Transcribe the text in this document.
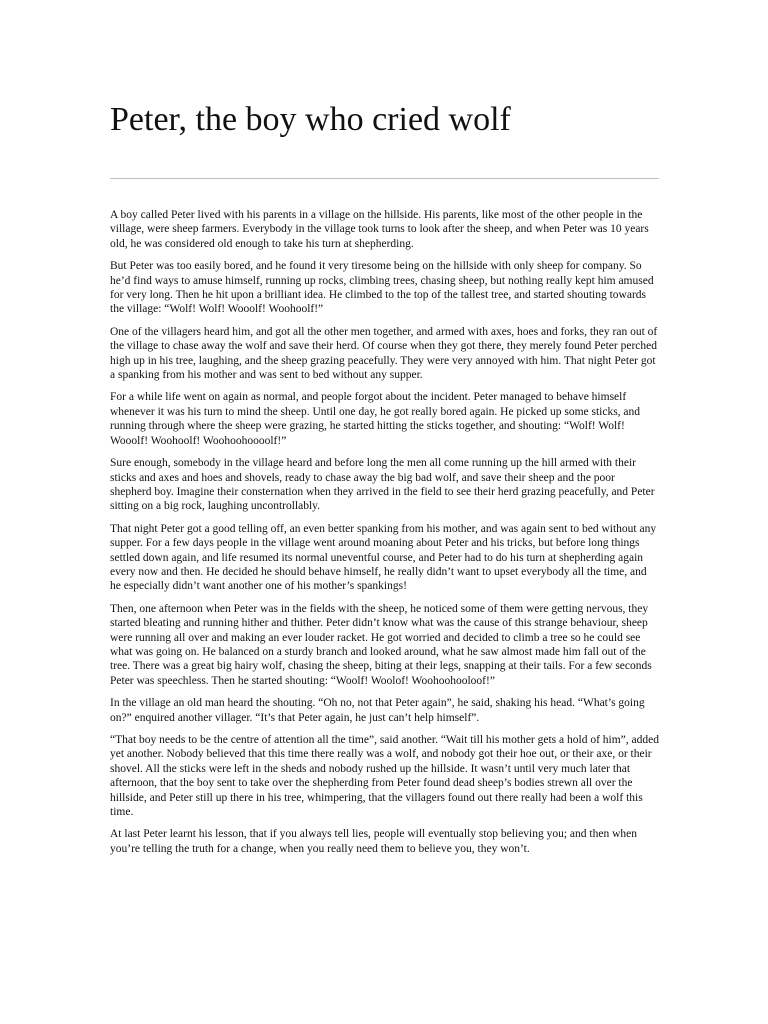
Peter, the boy who cried wolf

A boy called Peter lived with his parents in a village on the hillside. His parents, like most of the other people in the village, were sheep farmers. Everybody in the village took turns to look after the sheep, and when Peter was 10 years old, he was considered old enough to take his turn at shepherding.

But Peter was too easily bored, and he found it very tiresome being on the hillside with only sheep for company. So he’d find ways to amuse himself, running up rocks, climbing trees, chasing sheep, but nothing really kept him amused for very long. Then he hit upon a brilliant idea. He climbed to the top of the tallest tree, and started shouting towards the village: “Wolf! Wolf! Wooolf! Woohoolf!”

One of the villagers heard him, and got all the other men together, and armed with axes, hoes and forks, they ran out of the village to chase away the wolf and save their herd. Of course when they got there, they merely found Peter perched high up in his tree, laughing, and the sheep grazing peacefully. They were very annoyed with him. That night Peter got a spanking from his mother and was sent to bed without any supper.

For a while life went on again as normal, and people forgot about the incident. Peter managed to behave himself whenever it was his turn to mind the sheep. Until one day, he got really bored again. He picked up some sticks, and running through where the sheep were grazing, he started hitting the sticks together, and shouting: “Wolf! Wolf! Wooolf! Woohoolf! Woohoohoooolf!”

Sure enough, somebody in the village heard and before long the men all come running up the hill armed with their sticks and axes and hoes and shovels, ready to chase away the big bad wolf, and save their sheep and the poor shepherd boy. Imagine their consternation when they arrived in the field to see their herd grazing peacefully, and Peter sitting on a big rock, laughing uncontrollably.

That night Peter got a good telling off, an even better spanking from his mother, and was again sent to bed without any supper. For a few days people in the village went around moaning about Peter and his tricks, but before long things settled down again, and life resumed its normal uneventful course, and Peter had to do his turn at shepherding again every now and then. He decided he should behave himself, he really didn’t want to upset everybody all the time, and he especially didn’t want another one of his mother’s spankings!

Then, one afternoon when Peter was in the fields with the sheep, he noticed some of them were getting nervous, they started bleating and running hither and thither. Peter didn’t know what was the cause of this strange behaviour, sheep were running all over and making an ever louder racket. He got worried and decided to climb a tree so he could see what was going on. He balanced on a sturdy branch and looked around, what he saw almost made him fall out of the tree. There was a great big hairy wolf, chasing the sheep, biting at their legs, snapping at their tails. For a few seconds Peter was speechless. Then he started shouting: “Woolf! Woolof! Woohoohooloof!”

In the village an old man heard the shouting. “Oh no, not that Peter again”, he said, shaking his head. “What’s going on?” enquired another villager. “It’s that Peter again, he just can’t help himself”.

“That boy needs to be the centre of attention all the time”, said another. “Wait till his mother gets a hold of him”, added yet another. Nobody believed that this time there really was a wolf, and nobody got their hoe out, or their axe, or their shovel. All the sticks were left in the sheds and nobody rushed up the hillside. It wasn’t until very much later that afternoon, that the boy sent to take over the shepherding from Peter found dead sheep’s bodies strewn all over the hillside, and Peter still up there in his tree, whimpering, that the villagers found out there really had been a wolf this time.

At last Peter learnt his lesson, that if you always tell lies, people will eventually stop believing you; and then when you’re telling the truth for a change, when you really need them to believe you, they won’t.
